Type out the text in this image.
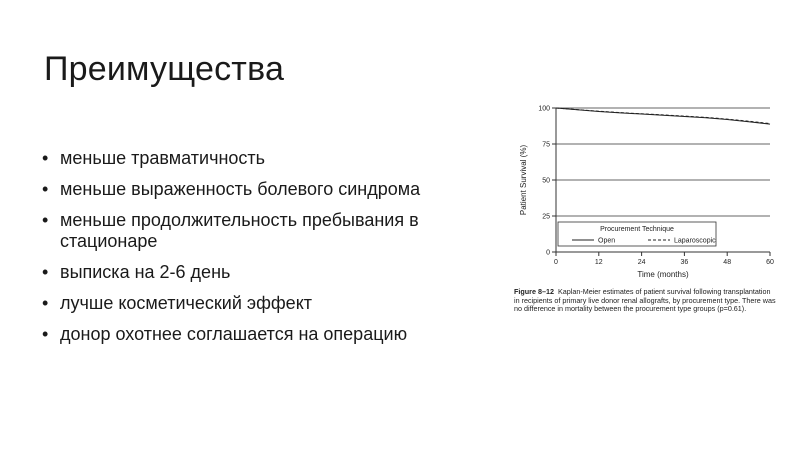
Преимущества
• меньше травматичность
• меньше выраженность болевого синдрома
• меньше продолжительность пребывания в стационаре
• выписка на 2-6 день
• лучше косметический эффект
• донор охотнее соглашается на операцию
0
25
50
75
100
0	12	24	36	48	60
Time (months)
Patient Survival (%)
Procurement Technique
Open	Laparoscopic
Figure 8–12 Kaplan-Meier estimates of patient survival following transplantation in recipients of primary live donor renal allografts, by procurement type. There was no difference in mortality between the procurement type groups (p=0.61).
